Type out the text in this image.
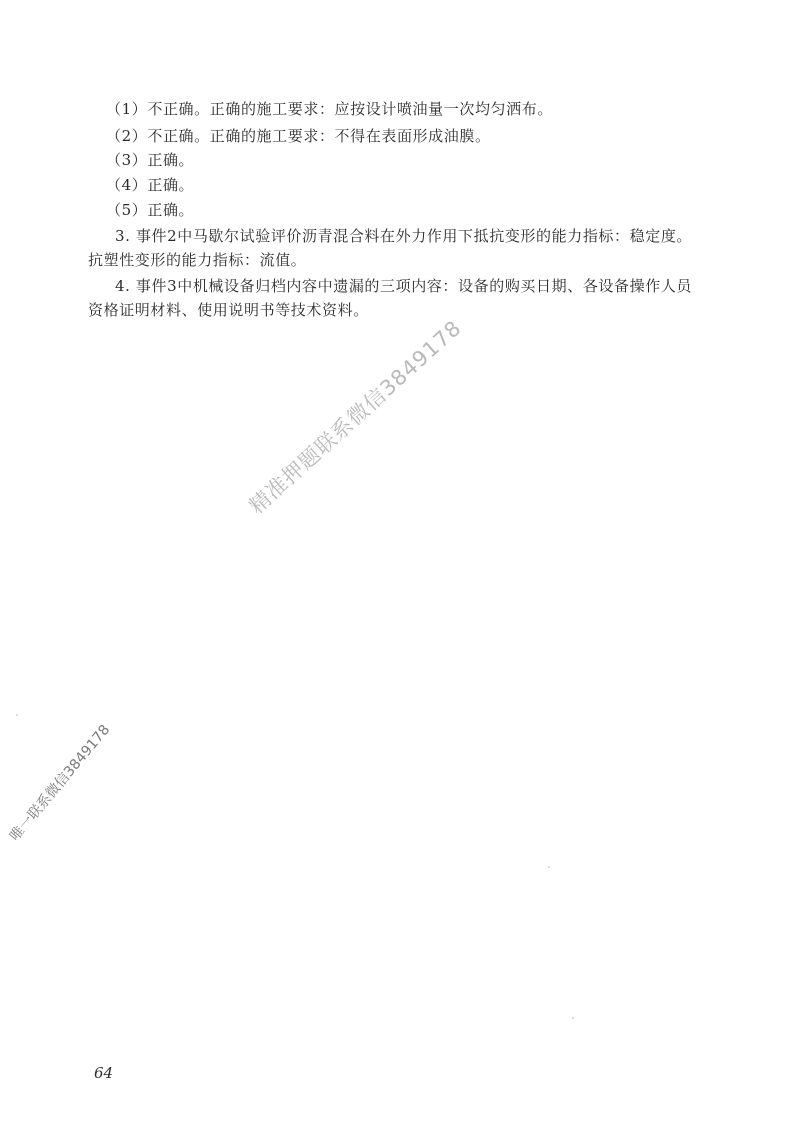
（1）不正确。正确的施工要求：应按设计喷油量一次均匀洒布。
（2）不正确。正确的施工要求：不得在表面形成油膜。
（3）正确。
（4）正确。
（5）正确。
3. 事件2中马歇尔试验评价沥青混合料在外力作用下抵抗变形的能力指标：稳定度。
抗塑性变形的能力指标：流值。
4. 事件3中机械设备归档内容中遗漏的三项内容：设备的购买日期、各设备操作人员
资格证明材料、使用说明书等技术资料。
精准押题联系微信3849178
唯一联系微信3849178
64
